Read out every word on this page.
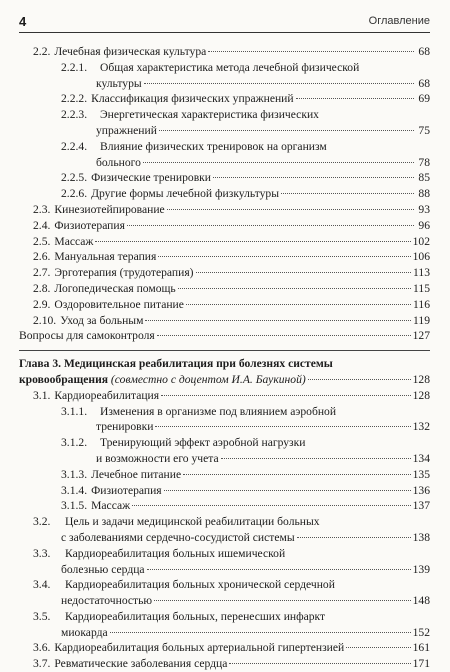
4	Оглавление
2.2. Лечебная физическая культура	68
2.2.1.	Общая характеристика метода лечебной физической
культуры	68
2.2.2. Классификация физических упражнений	69
2.2.3.	Энергетическая характеристика физических
упражнений	75
2.2.4.	Влияние физических тренировок на организм
больного	78
2.2.5. Физические тренировки	85
2.2.6. Другие формы лечебной физкультуры	88
2.3. Кинезиотейпирование	93
2.4. Физиотерапия	96
2.5. Массаж	102
2.6. Мануальная терапия	106
2.7. Эрготерапия (трудотерапия)	113
2.8. Логопедическая помощь	115
2.9. Оздоровительное питание	116
2.10. Уход за больным	119
Вопросы для самоконтроля	127
Глава 3. Медицинская реабилитация при болезнях системы
кровообращения (совместно с доцентом И.А. Баукиной)	128
3.1. Кардиореабилитация	128
3.1.1.	Изменения в организме под влиянием аэробной
тренировки	132
3.1.2.	Тренирующий эффект аэробной нагрузки
и возможности его учета	134
3.1.3. Лечебное питание	135
3.1.4. Физиотерапия	136
3.1.5. Массаж	137
3.2.	Цель и задачи медицинской реабилитации больных
с заболеваниями сердечно-сосудистой системы	138
3.3.	Кардиореабилитация больных ишемической
болезнью сердца	139
3.4.	Кардиореабилитация больных хронической сердечной
недостаточностью	148
3.5.	Кардиореабилитация больных, перенесших инфаркт
миокарда	152
3.6. Кардиореабилитация больных артериальной гипертензией	161
3.7. Ревматические заболевания сердца	171
